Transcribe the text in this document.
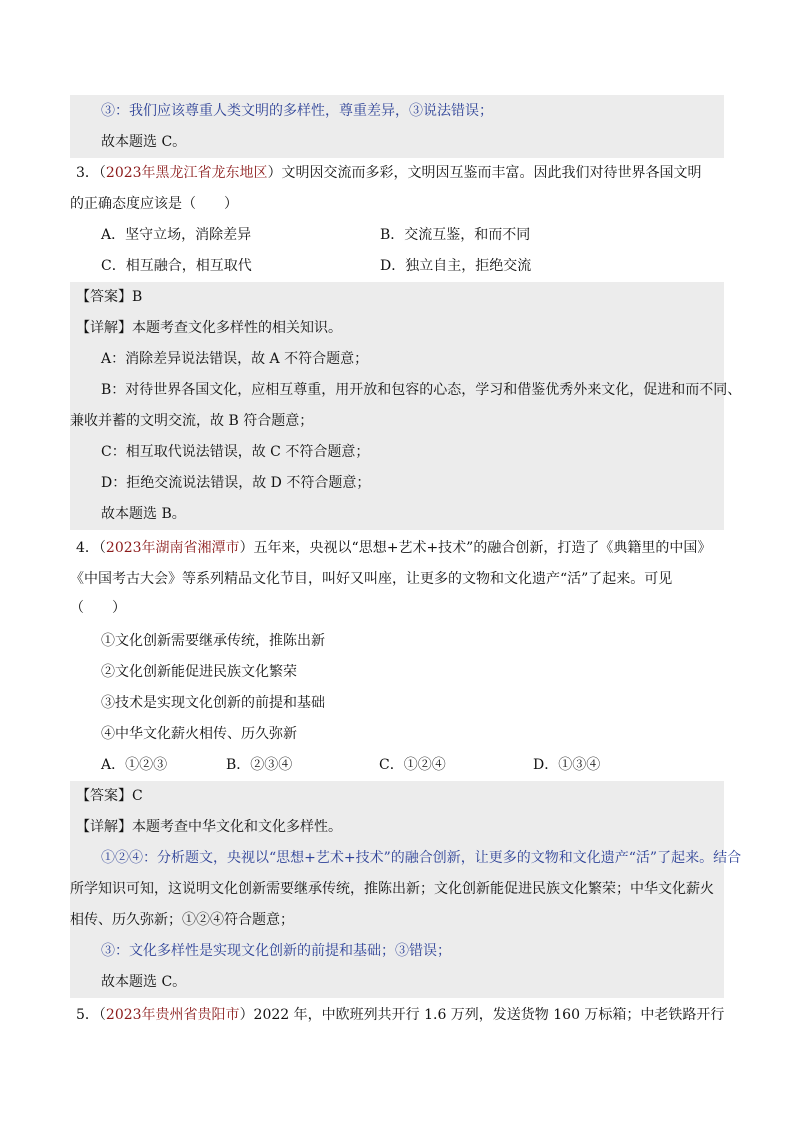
③：我们应该尊重人类文明的多样性，尊重差异，③说法错误；
故本题选 C。
3．（2023年黑龙江省龙东地区）文明因交流而多彩，文明因互鉴而丰富。因此我们对待世界各国文明
的正确态度应该是（　　）
A．坚守立场，消除差异	B．交流互鉴，和而不同
C．相互融合，相互取代	D．独立自主，拒绝交流
【答案】B
【详解】本题考查文化多样性的相关知识。
A：消除差异说法错误，故 A 不符合题意；
B：对待世界各国文化，应相互尊重，用开放和包容的心态，学习和借鉴优秀外来文化，促进和而不同、
兼收并蓄的文明交流，故 B 符合题意；
C：相互取代说法错误，故 C 不符合题意；
D：拒绝交流说法错误，故 D 不符合题意；
故本题选 B。
4．（2023年湖南省湘潭市）五年来，央视以“思想+艺术+技术”的融合创新，打造了《典籍里的中国》
《中国考古大会》等系列精品文化节目，叫好又叫座，让更多的文物和文化遗产“活”了起来。可见
（　　）
①文化创新需要继承传统，推陈出新
②文化创新能促进民族文化繁荣
③技术是实现文化创新的前提和基础
④中华文化薪火相传、历久弥新
A．①②③	B．②③④	C．①②④	D．①③④
【答案】C
【详解】本题考查中华文化和文化多样性。
①②④：分析题文，央视以“思想+艺术+技术”的融合创新，让更多的文物和文化遗产“活”了起来。结合
所学知识可知，这说明文化创新需要继承传统，推陈出新；文化创新能促进民族文化繁荣；中华文化薪火
相传、历久弥新；①②④符合题意；
③：文化多样性是实现文化创新的前提和基础；③错误；
故本题选 C。
5．（2023年贵州省贵阳市）2022 年，中欧班列共开行 1.6 万列，发送货物 160 万标箱；中老铁路开行
